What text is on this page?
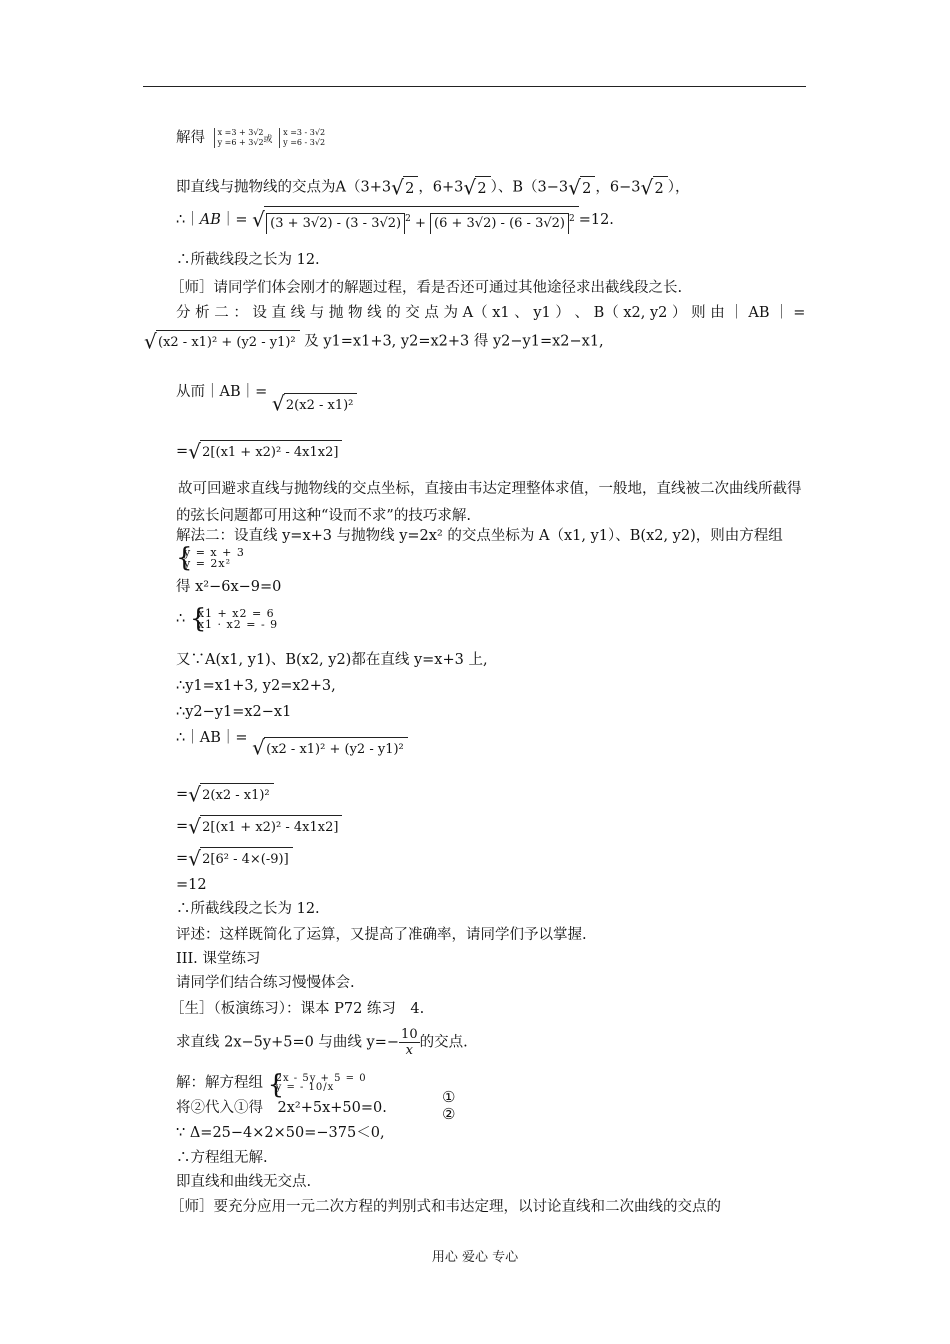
解得 x =3 + 3√2
y =6 + 3√2或 x =3 - 3√2
y =6 - 3√2
即直线与抛物线的交点为A（3+3 √ 2 ，6+3 √ 2 ）、B（3−3 √ 2 ，6−3 √ 2 ），
∴｜AB｜= √ (3 + 3√2) - (3 - 3√2) $^2$ + (6 + 3√2) - (6 - 3√2) $^2$ =12.
∴所截线段之长为 12.
［师］请同学们体会刚才的解题过程，看是否还可通过其他途径求出截线段之长.
分 析 二 ： 设 直 线 与 抛 物 线 的 交 点 为 A（ x1 、 y1 ） 、 B（ x2, y2 ） 则 由 ｜ AB ｜ =
√ (x2 - x1)² + (y2 - y1)² 及 y1=x1+3, y2=x2+3 得 y2−y1=x2−x1,
从而｜AB｜= √ 2(x2 - x1)²
= √ 2[(x1 + x2)² - 4x1x2]
故可回避求直线与抛物线的交点坐标，直接由韦达定理整体求值，一般地，直线被二次曲线所截得的弦长问题都可用这种“设而不求”的技巧求解.
解法二：设直线 y=x+3 与抛物线 y=2x² 的交点坐标为 A（x1, y1）、B(x2, y2)，则由方程组
{ y = x + 3
y = 2x²
得 x²−6x−9=0
∴ { x1 + x2 = 6
x1 · x2 = - 9
又∵A(x1, y1)、B(x2, y2)都在直线 y=x+3 上,
∴y1=x1+3, y2=x2+3,
∴y2−y1=x2−x1
∴｜AB｜= √ (x2 - x1)² + (y2 - y1)²
= √ 2(x2 - x1)²
= √ 2[(x1 + x2)² - 4x1x2]
= √ 2[6² - 4×(-9)]
=12
∴所截线段之长为 12.
评述：这样既简化了运算，又提高了准确率，请同学们予以掌握.
III. 课堂练习
请同学们结合练习慢慢体会.
［生］（板演练习）：课本 P72 练习　4.
求直线 2x−5y+5=0 与曲线 $y=- \frac{10}{x}$ 的交点.
解：解方程组 { 2x - 5y + 5 = 0
y = - 10/x
①
②
将②代入①得　2x²+5x+50=0.
∵ Δ=25−4×2×50=−375＜0,
∴方程组无解.
即直线和曲线无交点.
［师］要充分应用一元二次方程的判别式和韦达定理，以讨论直线和二次曲线的交点的
用心 爱心 专心
